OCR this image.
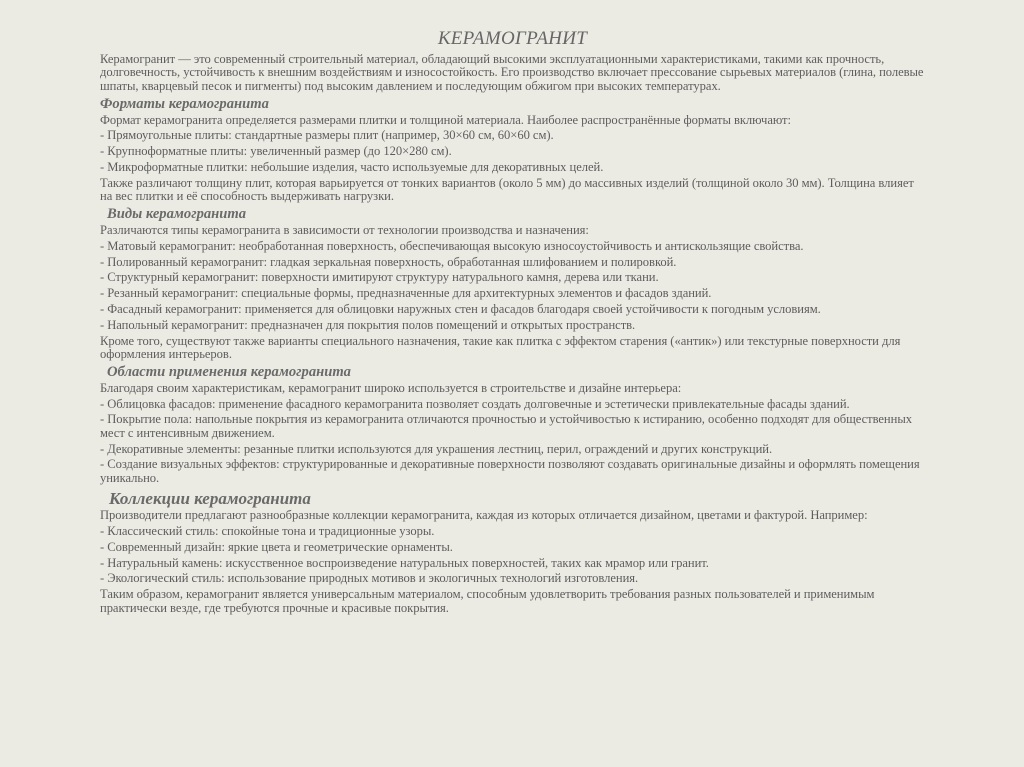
КЕРАМОГРАНИТ

Керамогранит — это современный строительный материал, обладающий высокими эксплуатационными характеристиками, такими как прочность, долговечность, устойчивость к внешним воздействиям и износостойкость. Его производство включает прессование сырьевых материалов (глина, полевые шпаты, кварцевый песок и пигменты) под высоким давлением и последующим обжигом при высоких температурах.

Форматы керамогранита

Формат керамогранита определяется размерами плитки и толщиной материала. Наиболее распространённые форматы включают:

- Прямоугольные плиты: стандартные размеры плит (например, 30×60 см, 60×60 см).

- Крупноформатные плиты: увеличенный размер (до 120×280 см).

- Микроформатные плитки: небольшие изделия, часто используемые для декоративных целей.

Также различают толщину плит, которая варьируется от тонких вариантов (около 5 мм) до массивных изделий (толщиной около 30 мм). Толщина влияет на вес плитки и её способность выдерживать нагрузки.

Виды керамогранита

Различаются типы керамогранита в зависимости от технологии производства и назначения:

- Матовый керамогранит: необработанная поверхность, обеспечивающая высокую износоустойчивость и антискользящие свойства.

- Полированный керамогранит: гладкая зеркальная поверхность, обработанная шлифованием и полировкой.

- Структурный керамогранит: поверхности имитируют структуру натурального камня, дерева или ткани.

- Резанный керамогранит: специальные формы, предназначенные для архитектурных элементов и фасадов зданий.

- Фасадный керамогранит: применяется для облицовки наружных стен и фасадов благодаря своей устойчивости к погодным условиям.

- Напольный керамогранит: предназначен для покрытия полов помещений и открытых пространств.

Кроме того, существуют также варианты специального назначения, такие как плитка с эффектом старения («антик») или текстурные поверхности для оформления интерьеров.

Области применения керамогранита

Благодаря своим характеристикам, керамогранит широко используется в строительстве и дизайне интерьера:

- Облицовка фасадов: применение фасадного керамогранита позволяет создать долговечные и эстетически привлекательные фасады зданий.

- Покрытие пола: напольные покрытия из керамогранита отличаются прочностью и устойчивостью к истиранию, особенно подходят для общественных мест с интенсивным движением.

- Декоративные элементы: резанные плитки используются для украшения лестниц, перил, ограждений и других конструкций.

- Создание визуальных эффектов: структурированные и декоративные поверхности позволяют создавать оригинальные дизайны и оформлять помещения уникально.

Коллекции керамогранита

Производители предлагают разнообразные коллекции керамогранита, каждая из которых отличается дизайном, цветами и фактурой. Например:

- Классический стиль: спокойные тона и традиционные узоры.

- Современный дизайн: яркие цвета и геометрические орнаменты.

- Натуральный камень: искусственное воспроизведение натуральных поверхностей, таких как мрамор или гранит.

- Экологический стиль: использование природных мотивов и экологичных технологий изготовления.

Таким образом, керамогранит является универсальным материалом, способным удовлетворить требования разных пользователей и применимым практически везде, где требуются прочные и красивые покрытия.
